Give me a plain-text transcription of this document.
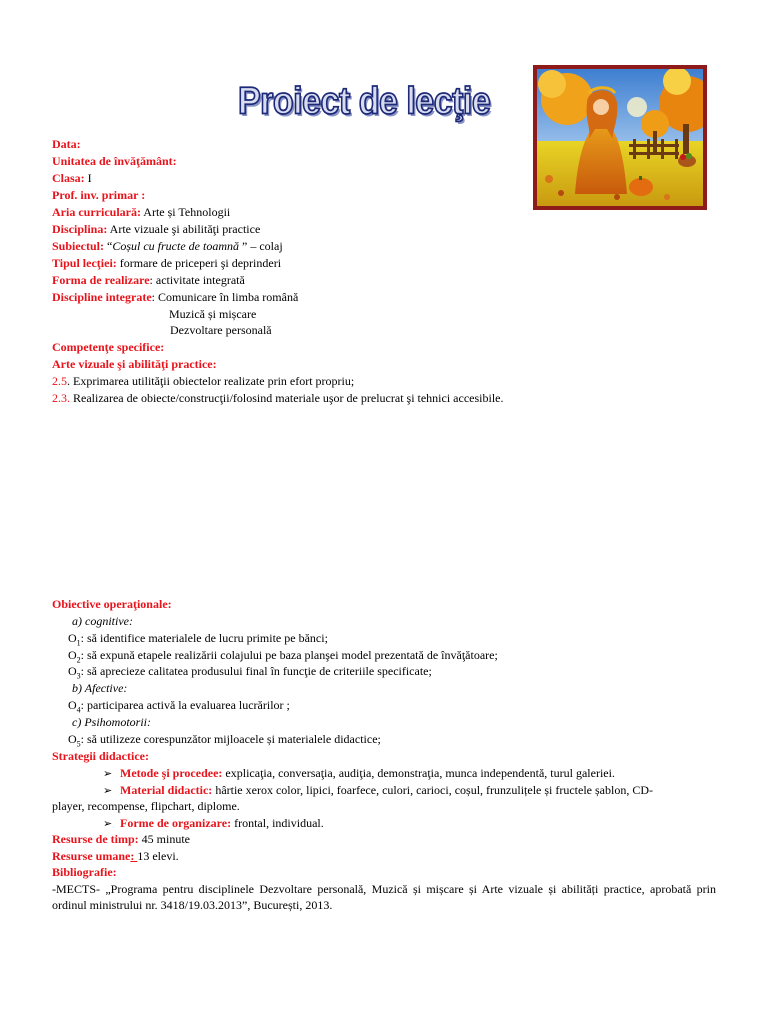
Proiect de lecţie
Data:
Unitatea de învăţământ:
Clasa: I
Prof. inv. primar :
Aria curriculară: Arte și Tehnologii
Disciplina: Arte vizuale şi abilităţi practice
Subiectul: “Coșul cu fructe de toamnă ” – colaj
Tipul lecţiei: formare de priceperi şi deprinderi
Forma de realizare: activitate integrată
Discipline integrate: Comunicare în limba română
Muzică și mișcare
Dezvoltare personală
Competenţe specifice:
Arte vizuale şi abilităţi practice:
2.5. Exprimarea utilităţii obiectelor realizate prin efort propriu;
2.3. Realizarea de obiecte/construcţii/folosind materiale uşor de prelucrat şi tehnici accesibile.
Obiective operaţionale:
a) cognitive:
$O_1$: să identifice materialele de lucru primite pe bănci;
$O_2$: să expună etapele realizării colajului pe baza planşei model prezentată de învăţătoare;
$O_3$: să aprecieze calitatea produsului final în funcţie de criteriile specificate;
b) Afective:
$O_4$: participarea activă la evaluarea lucrărilor ;
c) Psihomotorii:
$O_5$: să utilizeze corespunzător mijloacele și materialele didactice;
Strategii didactice:
➢ Metode şi procedee: explicaţia, conversaţia, audiţia, demonstraţia, munca independentă, turul galeriei.
➢ Material didactic: hârtie xerox color, lipici, foarfece, culori, carioci, coșul, frunzulițele și fructele șablon, CD-
player, recompense, flipchart, diplome.
➢ Forme de organizare: frontal, individual.
Resurse de timp: 45 minute
Resurse umane: 13 elevi.
Bibliografie:
-MECTS- „Programa pentru disciplinele Dezvoltare personală, Muzică și mișcare și Arte vizuale și abilități practice, aprobată prin ordinul ministrului nr. 3418/19.03.2013”, București, 2013.
